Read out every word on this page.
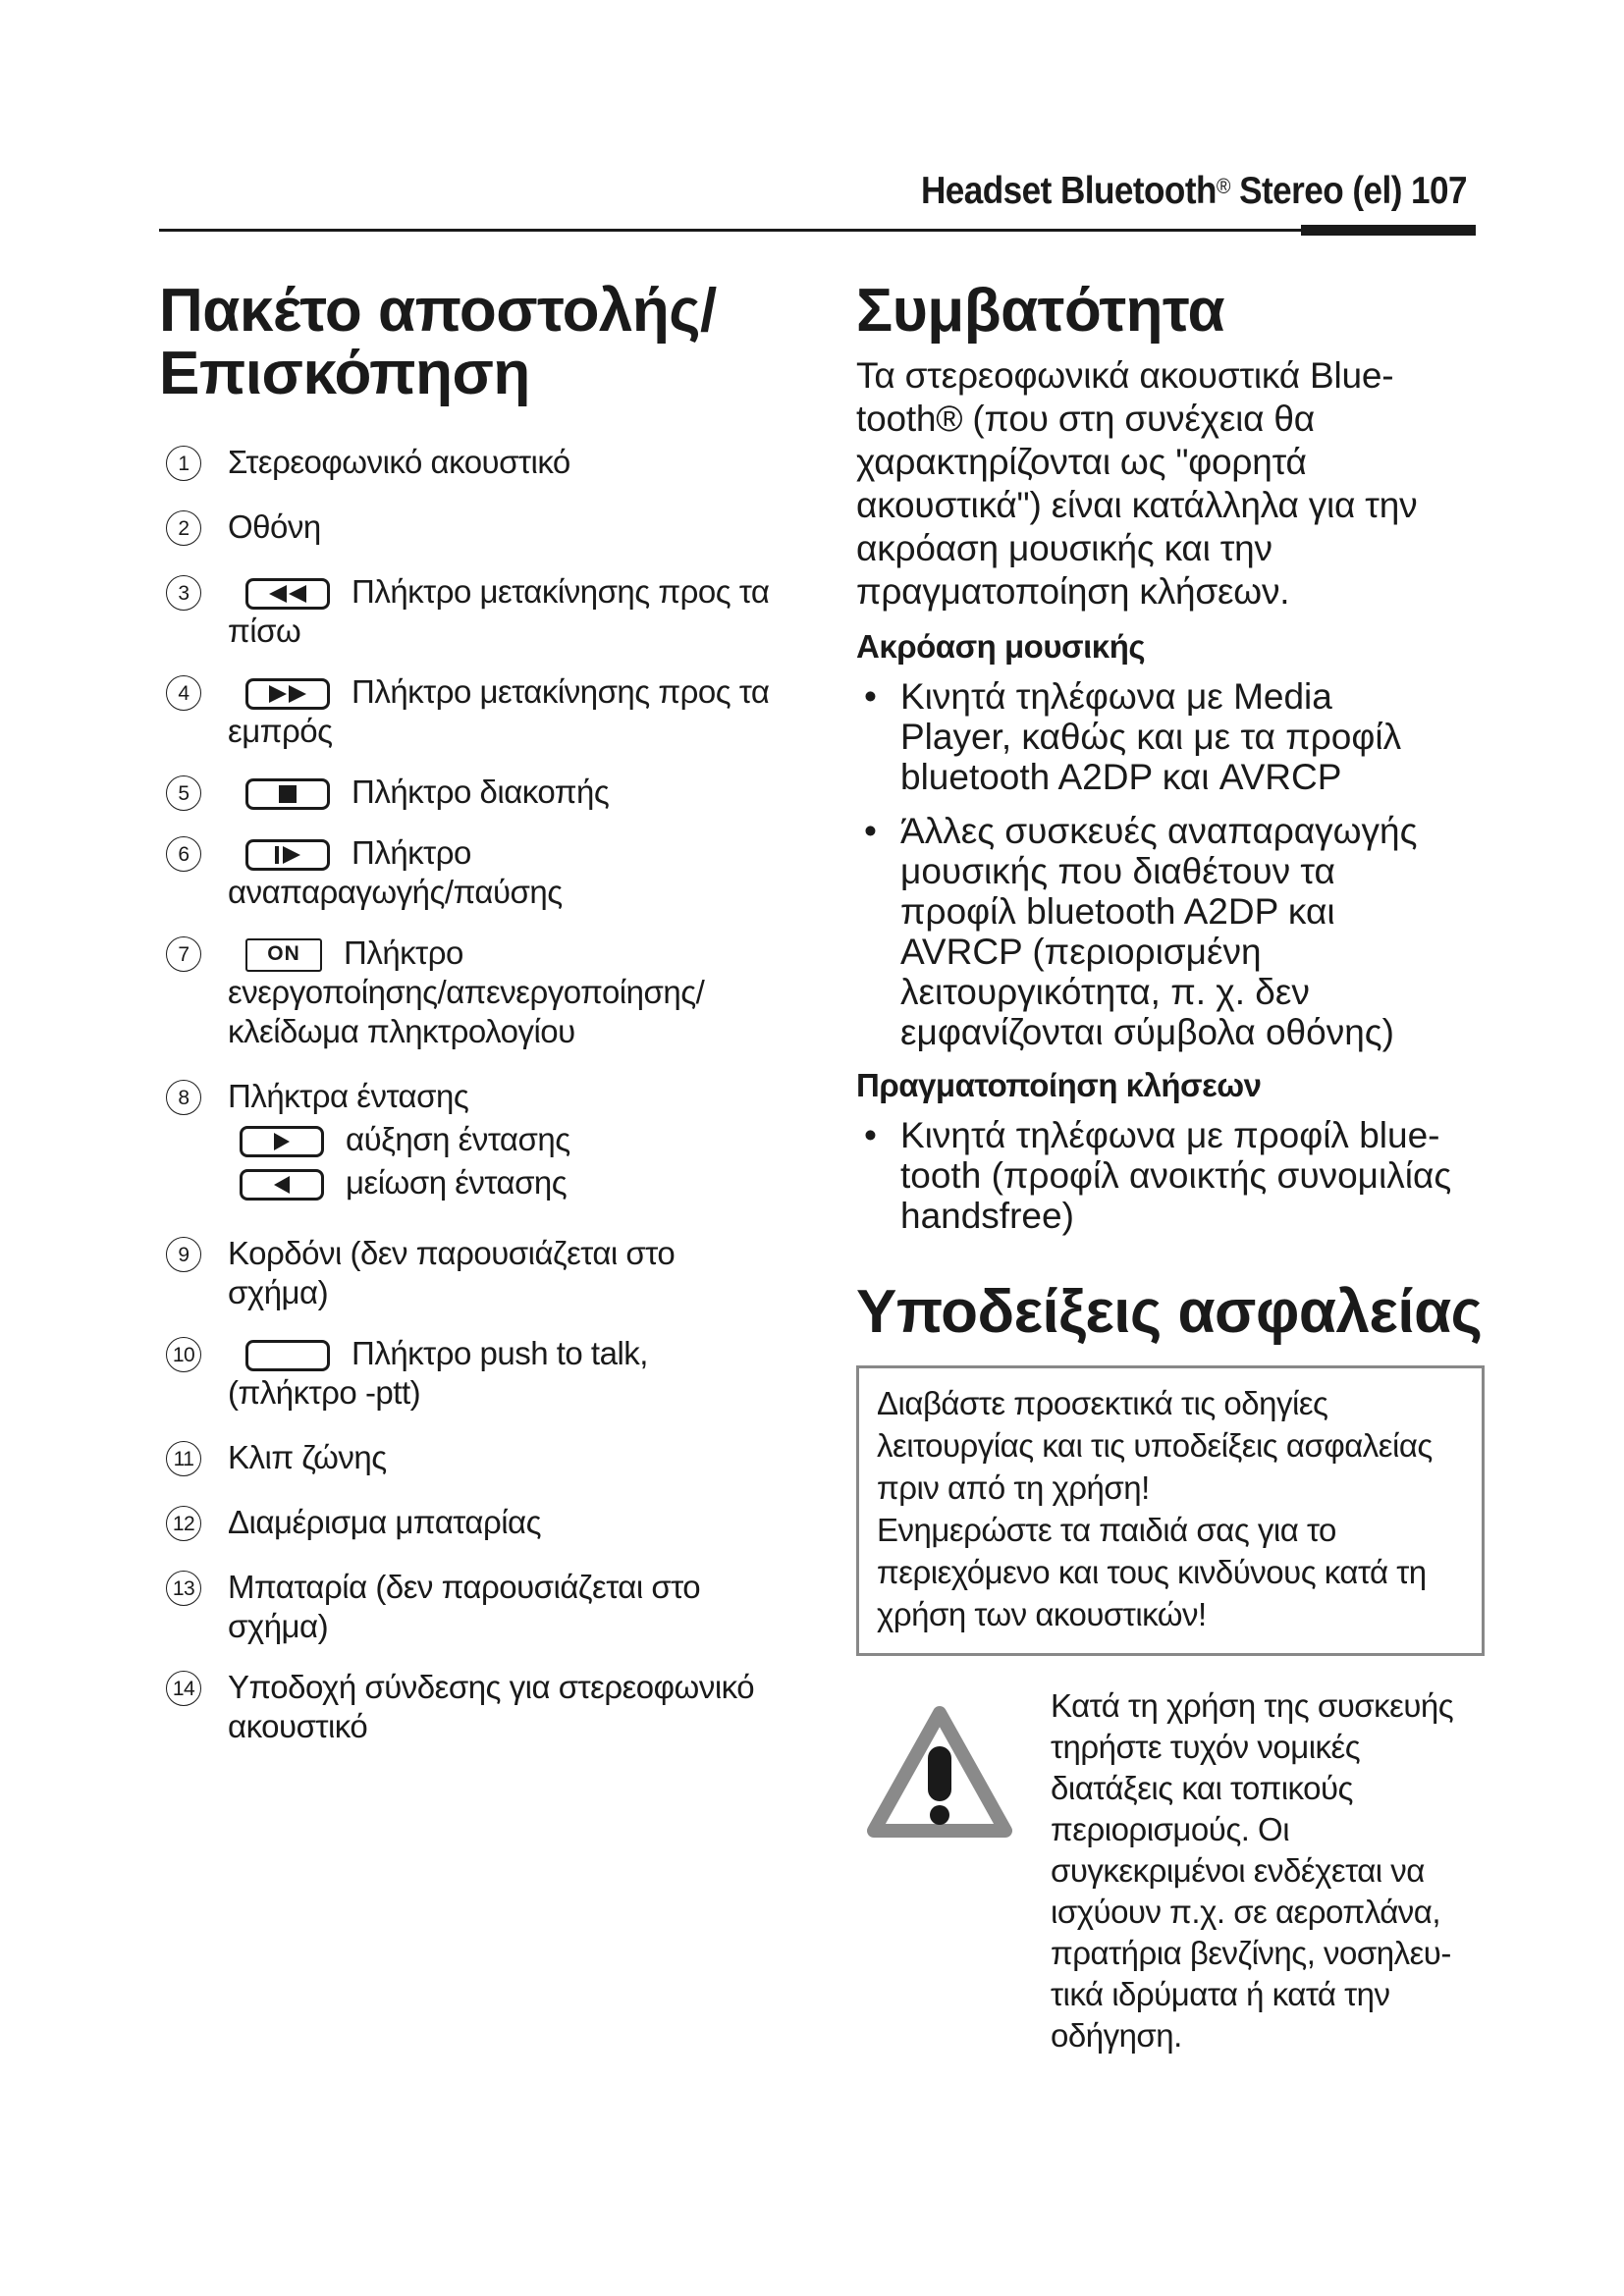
Headset Bluetooth® Stereo (el) 107
Πακέτο αποστολής/
Επισκόπηση
1	Στερεοφωνικό ακουστικό
2	Οθόνη
3	Πλήκτρο μετακίνησης προς τα
πίσω
4	Πλήκτρο μετακίνησης προς τα
εμπρός
5	Πλήκτρο διακοπής
6	Πλήκτρο
αναπαραγωγής/παύσης
7	ON Πλήκτρο
ενεργοποίησης/απενεργοποίησης/
κλείδωμα πληκτρολογίου
8	Πλήκτρα έντασης
αύξηση έντασης
μείωση έντασης
9	Κορδόνι (δεν παρουσιάζεται στο
σχήμα)
10	Πλήκτρο push to talk,
(πλήκτρο -ptt)
11 Κλιπ ζώνης
12 Διαμέρισμα μπαταρίας
13 Μπαταρία (δεν παρουσιάζεται στο
σχήμα)
14 Υποδοχή σύνδεσης για στερεοφωνικό
ακουστικό
Συμβατότητα
Τα στερεοφωνικά ακουστικά Blue-
tooth® (που στη συνέχεια θα
χαρακτηρίζονται ως "φορητά
ακουστικά") είναι κατάλληλα για την
ακρόαση μουσικής και την
πραγματοποίηση κλήσεων.
Ακρόαση μουσικής
• Κινητά τηλέφωνα με Media
Player, καθώς και με τα προφίλ
bluetooth A2DP και AVRCP
• Άλλες συσκευές αναπαραγωγής
μουσικής που διαθέτουν τα
προφίλ bluetooth A2DP και
AVRCP (περιορισμένη
λειτουργικότητα, π. χ. δεν
εμφανίζονται σύμβολα οθόνης)
Πραγματοποίηση κλήσεων
• Κινητά τηλέφωνα με προφίλ blue-
tooth (προφίλ ανοικτής συνομιλίας
handsfree)
Υποδείξεις ασφαλείας
Διαβάστε προσεκτικά τις οδηγίες
λειτουργίας και τις υποδείξεις ασφαλείας
πριν από τη χρήση!
Ενημερώστε τα παιδιά σας για το
περιεχόμενο και τους κινδύνους κατά τη
χρήση των ακουστικών!
Κατά τη χρήση της συσκευής
τηρήστε τυχόν νομικές
διατάξεις και τοπικούς
περιορισμούς. Οι
συγκεκριμένοι ενδέχεται να
ισχύουν π.χ. σε αεροπλάνα,
πρατήρια βενζίνης, νοσηλευ-
τικά ιδρύματα ή κατά την
οδήγηση.
